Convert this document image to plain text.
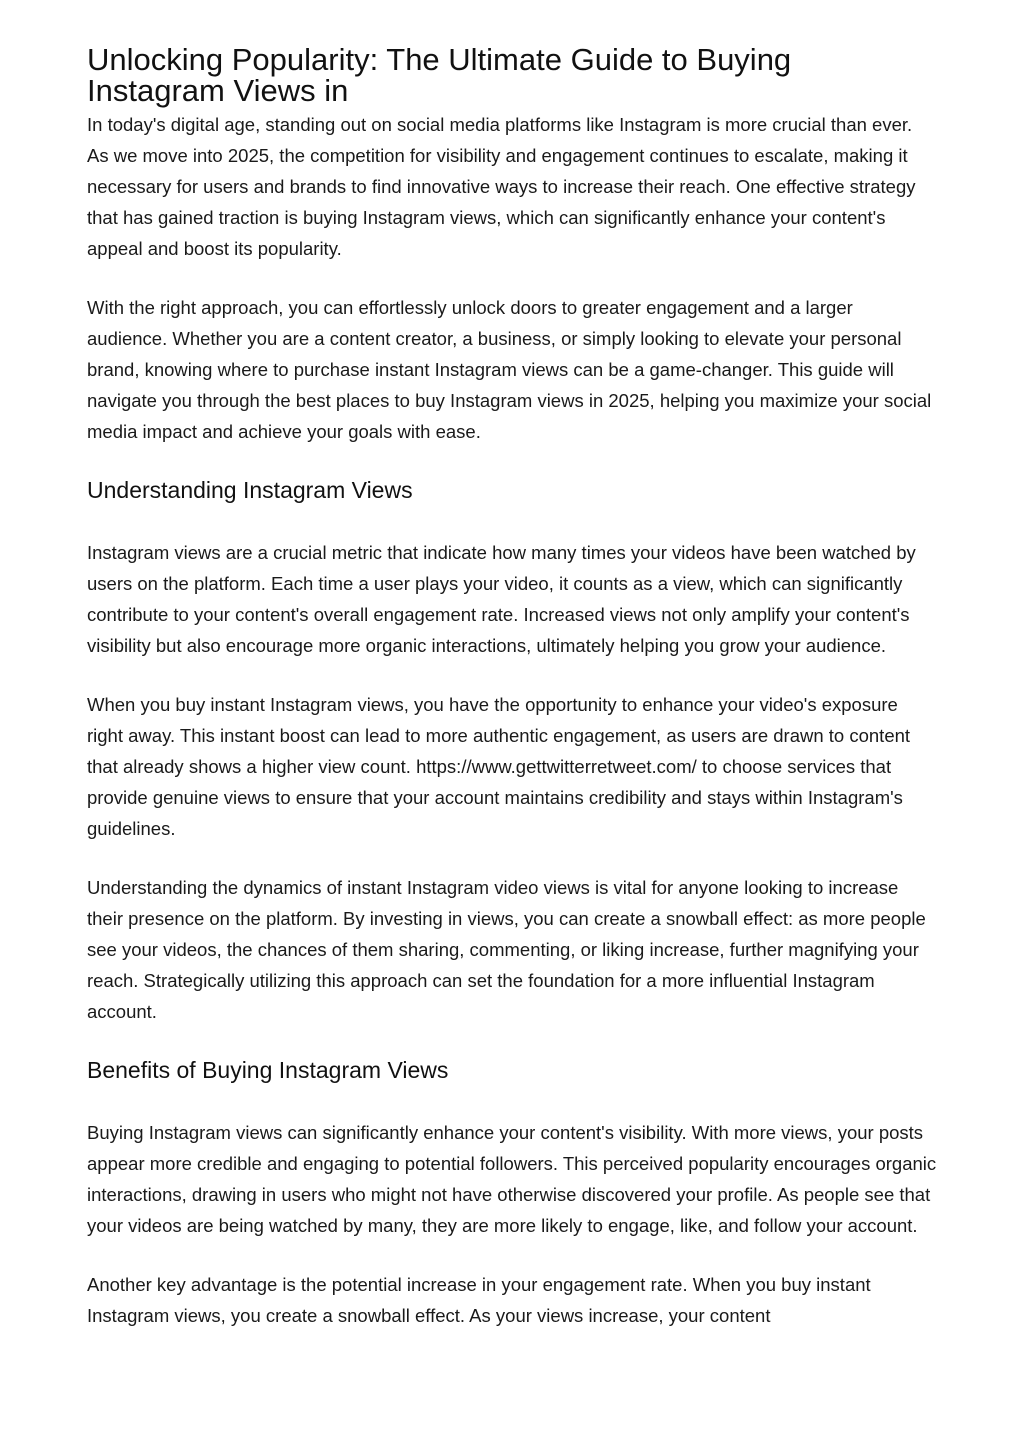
Unlocking Popularity: The Ultimate Guide to Buying Instagram Views in

In today's digital age, standing out on social media platforms like Instagram is more crucial than ever. As we move into 2025, the competition for visibility and engagement continues to escalate, making it necessary for users and brands to find innovative ways to increase their reach. One effective strategy that has gained traction is buying Instagram views, which can significantly enhance your content's appeal and boost its popularity.

With the right approach, you can effortlessly unlock doors to greater engagement and a larger audience. Whether you are a content creator, a business, or simply looking to elevate your personal brand, knowing where to purchase instant Instagram views can be a game-changer. This guide will navigate you through the best places to buy Instagram views in 2025, helping you maximize your social media impact and achieve your goals with ease.

Understanding Instagram Views

Instagram views are a crucial metric that indicate how many times your videos have been watched by users on the platform. Each time a user plays your video, it counts as a view, which can significantly contribute to your content's overall engagement rate. Increased views not only amplify your content's visibility but also encourage more organic interactions, ultimately helping you grow your audience.

When you buy instant Instagram views, you have the opportunity to enhance your video's exposure right away. This instant boost can lead to more authentic engagement, as users are drawn to content that already shows a higher view count. https://www.gettwitterretweet.com/ to choose services that provide genuine views to ensure that your account maintains credibility and stays within Instagram's guidelines.

Understanding the dynamics of instant Instagram video views is vital for anyone looking to increase their presence on the platform. By investing in views, you can create a snowball effect: as more people see your videos, the chances of them sharing, commenting, or liking increase, further magnifying your reach. Strategically utilizing this approach can set the foundation for a more influential Instagram account.

Benefits of Buying Instagram Views

Buying Instagram views can significantly enhance your content's visibility. With more views, your posts appear more credible and engaging to potential followers. This perceived popularity encourages organic interactions, drawing in users who might not have otherwise discovered your profile. As people see that your videos are being watched by many, they are more likely to engage, like, and follow your account.

Another key advantage is the potential increase in your engagement rate. When you buy instant Instagram views, you create a snowball effect. As your views increase, your content
